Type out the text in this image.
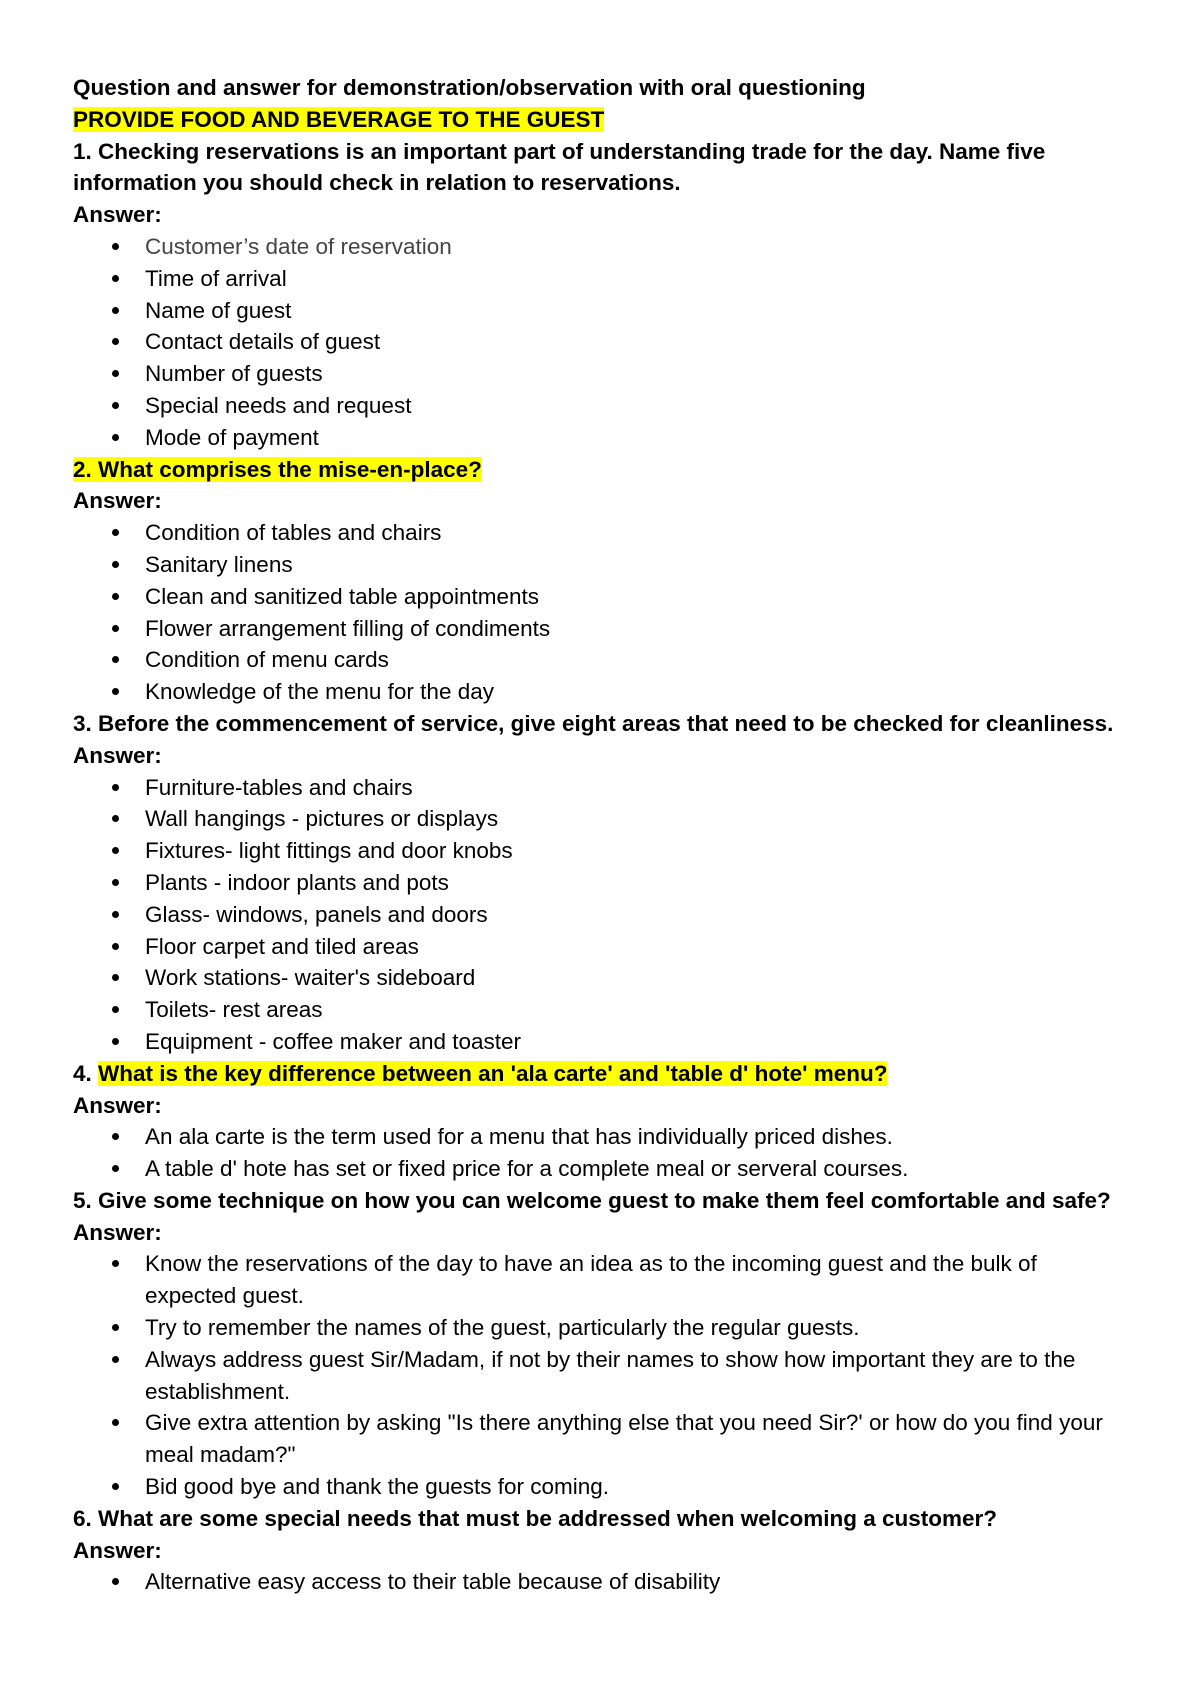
Question and answer for demonstration/observation with oral questioning

PROVIDE FOOD AND BEVERAGE TO THE GUEST

1. Checking reservations is an important part of understanding trade for the day. Name five information you should check in relation to reservations.

Answer:

Customer’s date of reservation
Time of arrival
Name of guest
Contact details of guest
Number of guests
Special needs and request
Mode of payment

2. What comprises the mise-en-place?

Answer:

Condition of tables and chairs
Sanitary linens
Clean and sanitized table appointments
Flower arrangement filling of condiments
Condition of menu cards
Knowledge of the menu for the day

3. Before the commencement of service, give eight areas that need to be checked for cleanliness.

Answer:

Furniture-tables and chairs
Wall hangings - pictures or displays
Fixtures- light fittings and door knobs
Plants - indoor plants and pots
Glass- windows, panels and doors
Floor carpet and tiled areas
Work stations- waiter's sideboard
Toilets- rest areas
Equipment - coffee maker and toaster

4. What is the key difference between an 'ala carte' and 'table d' hote' menu?

Answer:

An ala carte is the term used for a menu that has individually priced dishes.
A table d' hote has set or fixed price for a complete meal or serveral courses.

5. Give some technique on how you can welcome guest to make them feel comfortable and safe?

Answer:

Know the reservations of the day to have an idea as to the incoming guest and the bulk of expected guest.
Try to remember the names of the guest, particularly the regular guests.
Always address guest Sir/Madam, if not by their names to show how important they are to the establishment.
Give extra attention by asking "Is there anything else that you need Sir?' or how do you find your meal madam?"
Bid good bye and thank the guests for coming.

6. What are some special needs that must be addressed when welcoming a customer?

Answer:

Alternative easy access to their table because of disability
